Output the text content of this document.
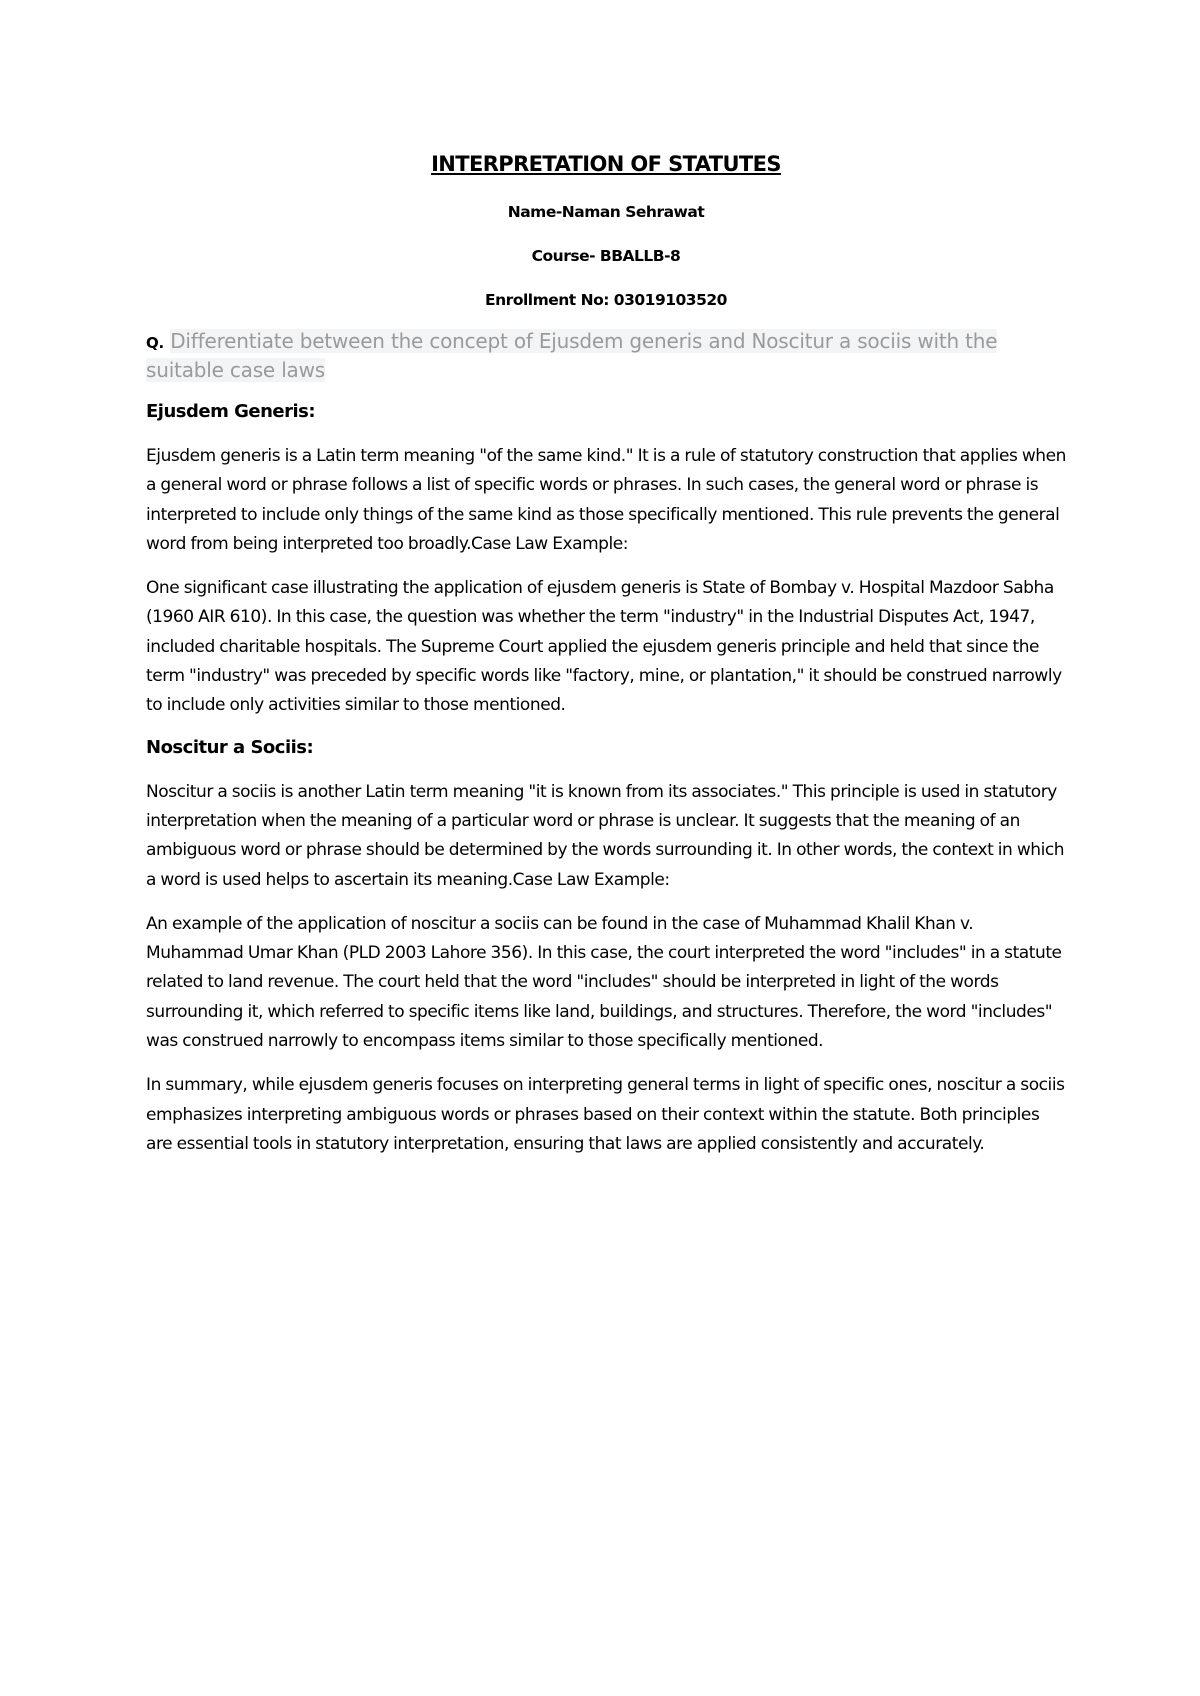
INTERPRETATION OF STATUTES
Name-Naman Sehrawat
Course- BBALLB-8
Enrollment No: 03019103520
Q. Differentiate between the concept of Ejusdem generis and Noscitur a sociis with the suitable case laws
Ejusdem Generis:

Ejusdem generis is a Latin term meaning "of the same kind." It is a rule of statutory construction that applies when a general word or phrase follows a list of specific words or phrases. In such cases, the general word or phrase is interpreted to include only things of the same kind as those specifically mentioned. This rule prevents the general word from being interpreted too broadly.Case Law Example:

One significant case illustrating the application of ejusdem generis is State of Bombay v. Hospital Mazdoor Sabha (1960 AIR 610). In this case, the question was whether the term "industry" in the Industrial Disputes Act, 1947, included charitable hospitals. The Supreme Court applied the ejusdem generis principle and held that since the term "industry" was preceded by specific words like "factory, mine, or plantation," it should be construed narrowly to include only activities similar to those mentioned.

Noscitur a Sociis:

Noscitur a sociis is another Latin term meaning "it is known from its associates." This principle is used in statutory interpretation when the meaning of a particular word or phrase is unclear. It suggests that the meaning of an ambiguous word or phrase should be determined by the words surrounding it. In other words, the context in which a word is used helps to ascertain its meaning.Case Law Example:

An example of the application of noscitur a sociis can be found in the case of Muhammad Khalil Khan v. Muhammad Umar Khan (PLD 2003 Lahore 356). In this case, the court interpreted the word "includes" in a statute related to land revenue. The court held that the word "includes" should be interpreted in light of the words surrounding it, which referred to specific items like land, buildings, and structures. Therefore, the word "includes" was construed narrowly to encompass items similar to those specifically mentioned.

In summary, while ejusdem generis focuses on interpreting general terms in light of specific ones, noscitur a sociis emphasizes interpreting ambiguous words or phrases based on their context within the statute. Both principles are essential tools in statutory interpretation, ensuring that laws are applied consistently and accurately.
